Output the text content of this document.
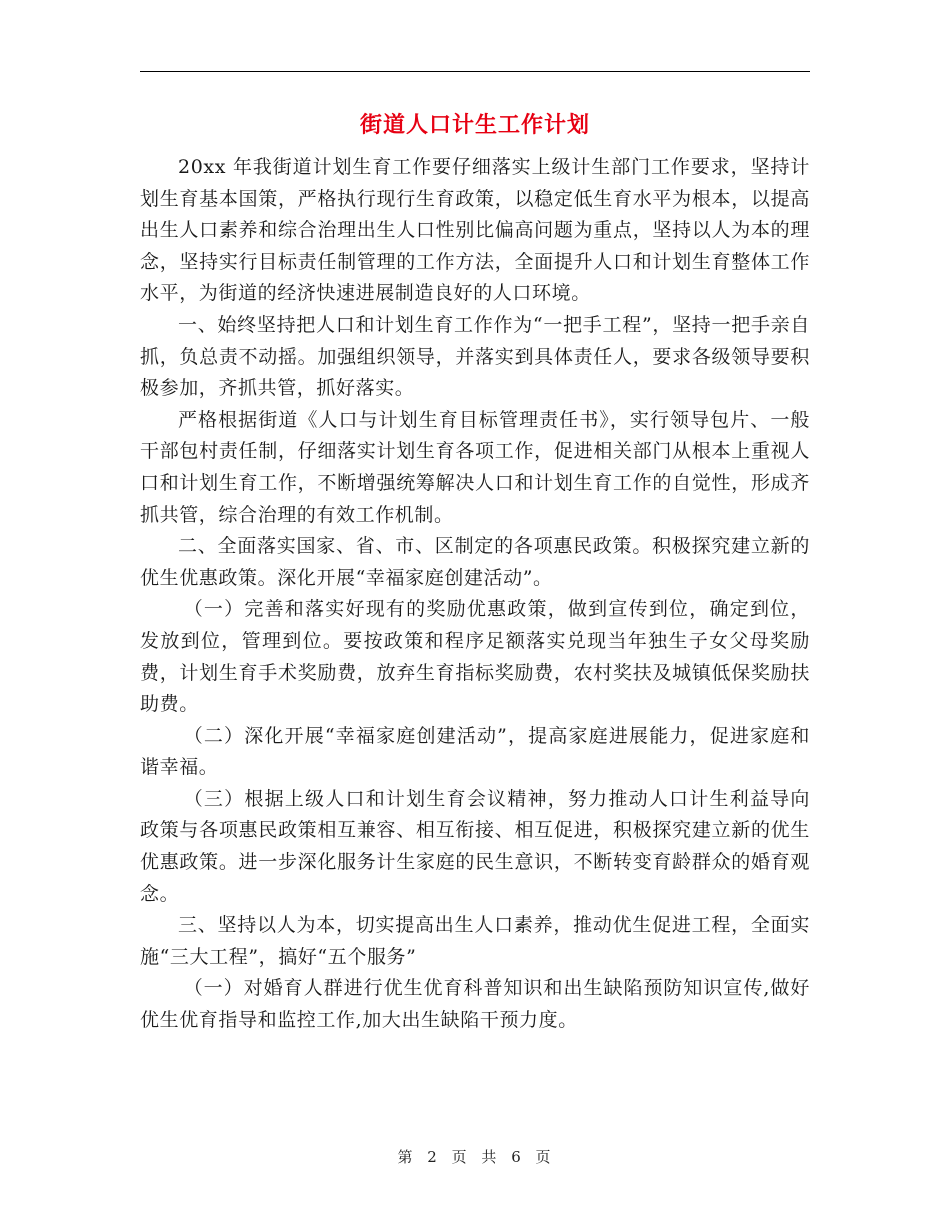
街道人口计生工作计划

20xx 年我街道计划生育工作要仔细落实上级计生部门工作要求，坚持计划生育基本国策，严格执行现行生育政策，以稳定低生育水平为根本，以提高出生人口素养和综合治理出生人口性别比偏高问题为重点，坚持以人为本的理念，坚持实行目标责任制管理的工作方法，全面提升人口和计划生育整体工作水平，为街道的经济快速进展制造良好的人口环境。

一、始终坚持把人口和计划生育工作作为“一把手工程”，坚持一把手亲自抓，负总责不动摇。加强组织领导，并落实到具体责任人，要求各级领导要积极参加，齐抓共管，抓好落实。

严格根据街道《人口与计划生育目标管理责任书》，实行领导包片、一般干部包村责任制，仔细落实计划生育各项工作，促进相关部门从根本上重视人口和计划生育工作，不断增强统筹解决人口和计划生育工作的自觉性，形成齐抓共管，综合治理的有效工作机制。

二、全面落实国家、省、市、区制定的各项惠民政策。积极探究建立新的优生优惠政策。深化开展“幸福家庭创建活动”。

（一）完善和落实好现有的奖励优惠政策，做到宣传到位，确定到位，发放到位，管理到位。要按政策和程序足额落实兑现当年独生子女父母奖励费，计划生育手术奖励费，放弃生育指标奖励费，农村奖扶及城镇低保奖励扶助费。

（二）深化开展“幸福家庭创建活动”，提高家庭进展能力，促进家庭和谐幸福。

（三）根据上级人口和计划生育会议精神，努力推动人口计生利益导向政策与各项惠民政策相互兼容、相互衔接、相互促进，积极探究建立新的优生优惠政策。进一步深化服务计生家庭的民生意识，不断转变育龄群众的婚育观念。

三、坚持以人为本，切实提高出生人口素养，推动优生促进工程，全面实施“三大工程”，搞好“五个服务”

（一）对婚育人群进行优生优育科普知识和出生缺陷预防知识宣传,做好优生优育指导和监控工作,加大出生缺陷干预力度。

第 2 页 共 6 页
